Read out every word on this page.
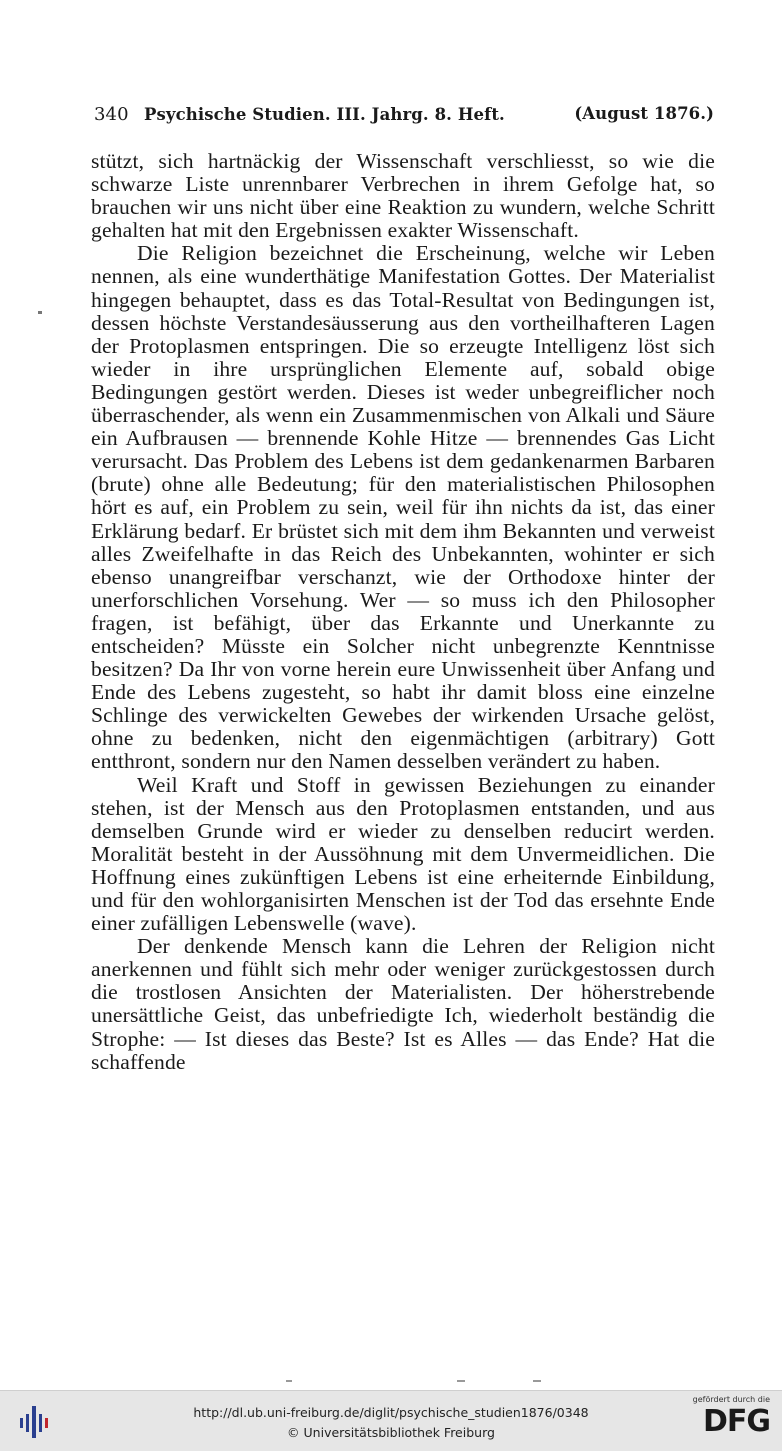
340 Psychische Studien. III. Jahrg. 8. Heft.	(August 1876.)

stützt, sich hartnäckig der Wissenschaft verschliesst, so wie die schwarze Liste unrennbarer Verbrechen in ihrem Gefolge hat, so brauchen wir uns nicht über eine Reaktion zu wundern, welche Schritt gehalten hat mit den Ergebnissen exakter Wissenschaft.

Die Religion bezeichnet die Erscheinung, welche wir Leben nennen, als eine wunderthätige Manifestation Gottes. Der Materialist hingegen behauptet, dass es das Total-Resultat von Bedingungen ist, dessen höchste Verstandesäusserung aus den vortheilhafteren Lagen der Protoplasmen entspringen. Die so erzeugte Intelligenz löst sich wieder in ihre ursprünglichen Elemente auf, sobald obige Bedingungen gestört werden. Dieses ist weder unbegreiflicher noch überraschender, als wenn ein Zusammenmischen von Alkali und Säure ein Aufbrausen — brennende Kohle Hitze — brennendes Gas Licht verursacht. Das Problem des Lebens ist dem gedankenarmen Barbaren (brute) ohne alle Bedeutung; für den materialistischen Philosophen hört es auf, ein Problem zu sein, weil für ihn nichts da ist, das einer Erklärung bedarf. Er brüstet sich mit dem ihm Bekannten und verweist alles Zweifelhafte in das Reich des Unbekannten, wohinter er sich ebenso unangreifbar verschanzt, wie der Orthodoxe hinter der unerforschlichen Vorsehung. Wer — so muss ich den Philosopher fragen, ist befähigt, über das Erkannte und Unerkannte zu entscheiden? Müsste ein Solcher nicht unbegrenzte Kenntnisse besitzen? Da Ihr von vorne herein eure Unwissenheit über Anfang und Ende des Lebens zugesteht, so habt ihr damit bloss eine einzelne Schlinge des verwickelten Gewebes der wirkenden Ursache gelöst, ohne zu bedenken, nicht den eigenmächtigen (arbitrary) Gott entthront, sondern nur den Namen desselben verändert zu haben.

Weil Kraft und Stoff in gewissen Beziehungen zu einander stehen, ist der Mensch aus den Protoplasmen entstanden, und aus demselben Grunde wird er wieder zu denselben reducirt werden. Moralität besteht in der Aussöhnung mit dem Unvermeidlichen. Die Hoffnung eines zukünftigen Lebens ist eine erheiternde Einbildung, und für den wohlorganisirten Menschen ist der Tod das ersehnte Ende einer zufälligen Lebenswelle (wave).

Der denkende Mensch kann die Lehren der Religion nicht anerkennen und fühlt sich mehr oder weniger zurückgestossen durch die trostlosen Ansichten der Materialisten. Der höherstrebende unersättliche Geist, das unbefriedigte Ich, wiederholt beständig die Strophe: — Ist dieses das Beste? Ist es Alles — das Ende? Hat die schaffende

http://dl.ub.uni-freiburg.de/diglit/psychische_studien1876/0348
© Universitätsbibliothek Freiburg
gefördert durch die
DFG
